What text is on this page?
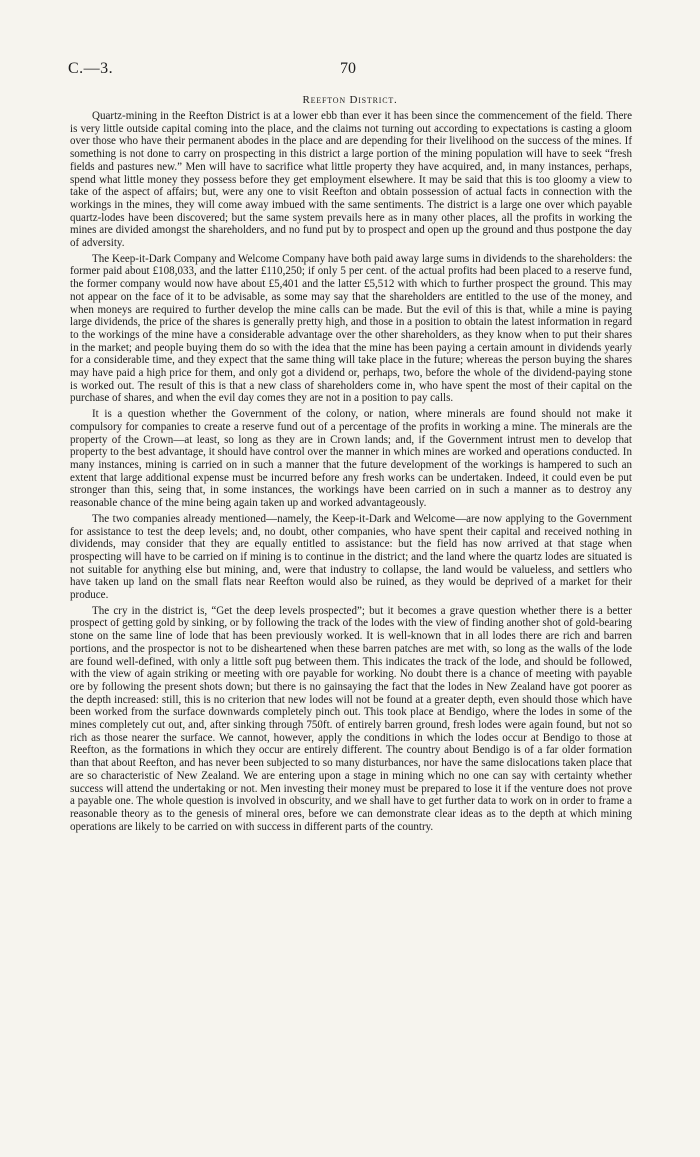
C.—3.	70
Reefton District.

Quartz-mining in the Reefton District is at a lower ebb than ever it has been since the commencement of the field. There is very little outside capital coming into the place, and the claims not turning out according to expectations is casting a gloom over those who have their permanent abodes in the place and are depending for their livelihood on the success of the mines. If something is not done to carry on prospecting in this district a large portion of the mining population will have to seek “fresh fields and pastures new.” Men will have to sacrifice what little property they have acquired, and, in many instances, perhaps, spend what little money they possess before they get employment elsewhere. It may be said that this is too gloomy a view to take of the aspect of affairs; but, were any one to visit Reefton and obtain possession of actual facts in connection with the workings in the mines, they will come away imbued with the same sentiments. The district is a large one over which payable quartz-lodes have been discovered; but the same system prevails here as in many other places, all the profits in working the mines are divided amongst the shareholders, and no fund put by to prospect and open up the ground and thus postpone the day of adversity.

The Keep-it-Dark Company and Welcome Company have both paid away large sums in dividends to the shareholders: the former paid about £108,033, and the latter £110,250; if only 5 per cent. of the actual profits had been placed to a reserve fund, the former company would now have about £5,401 and the latter £5,512 with which to further prospect the ground. This may not appear on the face of it to be advisable, as some may say that the shareholders are entitled to the use of the money, and when moneys are required to further develop the mine calls can be made. But the evil of this is that, while a mine is paying large dividends, the price of the shares is generally pretty high, and those in a position to obtain the latest information in regard to the workings of the mine have a considerable advantage over the other shareholders, as they know when to put their shares in the market; and people buying them do so with the idea that the mine has been paying a certain amount in dividends yearly for a considerable time, and they expect that the same thing will take place in the future; whereas the person buying the shares may have paid a high price for them, and only got a dividend or, perhaps, two, before the whole of the dividend-paying stone is worked out. The result of this is that a new class of shareholders come in, who have spent the most of their capital on the purchase of shares, and when the evil day comes they are not in a position to pay calls.

It is a question whether the Government of the colony, or nation, where minerals are found should not make it compulsory for companies to create a reserve fund out of a percentage of the profits in working a mine. The minerals are the property of the Crown—at least, so long as they are in Crown lands; and, if the Government intrust men to develop that property to the best advantage, it should have control over the manner in which mines are worked and operations conducted. In many instances, mining is carried on in such a manner that the future development of the workings is hampered to such an extent that large additional expense must be incurred before any fresh works can be undertaken. Indeed, it could even be put stronger than this, seing that, in some instances, the workings have been carried on in such a manner as to destroy any reasonable chance of the mine being again taken up and worked advantageously.

The two companies already mentioned—namely, the Keep-it-Dark and Welcome—are now applying to the Government for assistance to test the deep levels; and, no doubt, other companies, who have spent their capital and received nothing in dividends, may consider that they are equally entitled to assistance: but the field has now arrived at that stage when prospecting will have to be carried on if mining is to continue in the district; and the land where the quartz lodes are situated is not suitable for anything else but mining, and, were that industry to collapse, the land would be valueless, and settlers who have taken up land on the small flats near Reefton would also be ruined, as they would be deprived of a market for their produce.

The cry in the district is, “Get the deep levels prospected”; but it becomes a grave question whether there is a better prospect of getting gold by sinking, or by following the track of the lodes with the view of finding another shot of gold-bearing stone on the same line of lode that has been previously worked. It is well-known that in all lodes there are rich and barren portions, and the prospector is not to be disheartened when these barren patches are met with, so long as the walls of the lode are found well-defined, with only a little soft pug between them. This indicates the track of the lode, and should be followed, with the view of again striking or meeting with ore payable for working. No doubt there is a chance of meeting with payable ore by following the present shots down; but there is no gainsaying the fact that the lodes in New Zealand have got poorer as the depth increased: still, this is no criterion that new lodes will not be found at a greater depth, even should those which have been worked from the surface downwards completely pinch out. This took place at Bendigo, where the lodes in some of the mines completely cut out, and, after sinking through 750ft. of entirely barren ground, fresh lodes were again found, but not so rich as those nearer the surface. We cannot, however, apply the conditions in which the lodes occur at Bendigo to those at Reefton, as the formations in which they occur are entirely different. The country about Bendigo is of a far older formation than that about Reefton, and has never been subjected to so many disturbances, nor have the same dislocations taken place that are so characteristic of New Zealand. We are entering upon a stage in mining which no one can say with certainty whether success will attend the undertaking or not. Men investing their money must be prepared to lose it if the venture does not prove a payable one. The whole question is involved in obscurity, and we shall have to get further data to work on in order to frame a reasonable theory as to the genesis of mineral ores, before we can demonstrate clear ideas as to the depth at which mining operations are likely to be carried on with success in different parts of the country.
